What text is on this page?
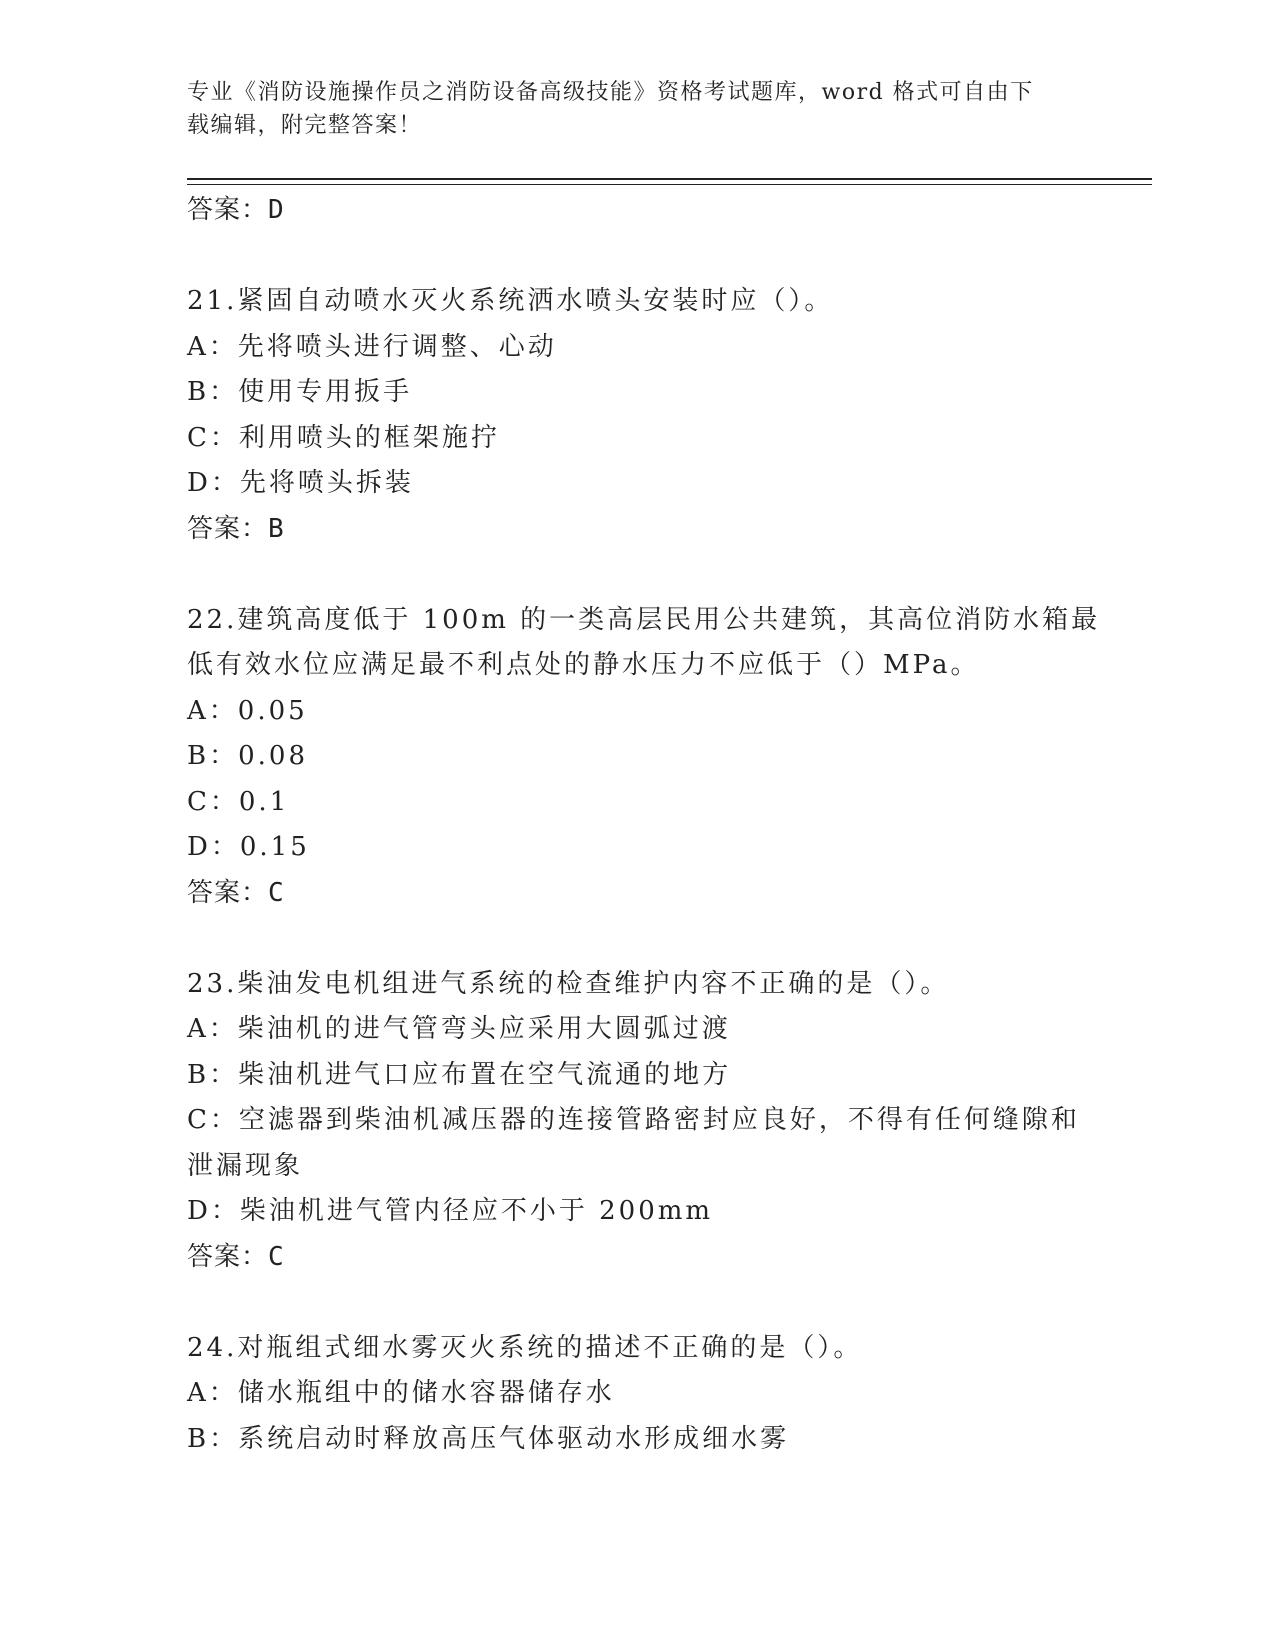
专业《消防设施操作员之消防设备高级技能》资格考试题库，word 格式可自由下
载编辑，附完整答案！
答案：D
21.紧固自动喷水灭火系统洒水喷头安装时应（）。
A：先将喷头进行调整、心动
B：使用专用扳手
C：利用喷头的框架施拧
D：先将喷头拆装
答案：B
22.建筑高度低于 100m 的一类高层民用公共建筑，其高位消防水箱最
低有效水位应满足最不利点处的静水压力不应低于（）MPa。
A：0.05
B：0.08
C：0.1
D：0.15
答案：C
23.柴油发电机组进气系统的检查维护内容不正确的是（）。
A：柴油机的进气管弯头应采用大圆弧过渡
B：柴油机进气口应布置在空气流通的地方
C：空滤器到柴油机减压器的连接管路密封应良好，不得有任何缝隙和
泄漏现象
D：柴油机进气管内径应不小于 200mm
答案：C
24.对瓶组式细水雾灭火系统的描述不正确的是（）。
A：储水瓶组中的储水容器储存水
B：系统启动时释放高压气体驱动水形成细水雾
